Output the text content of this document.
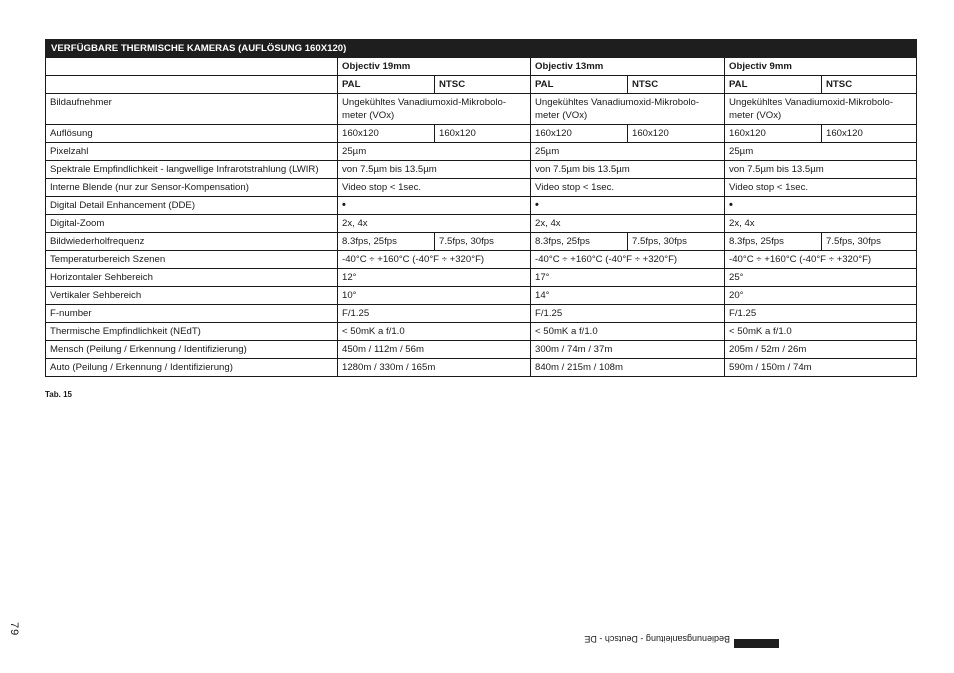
VERFÜGBARE THERMISCHE KAMERAS (AUFLÖSUNG 160X120)						
	Objectiv 19mm		Objectiv 13mm		Objectiv 9mm	
	PAL	NTSC	PAL	NTSC	PAL	NTSC
Bildaufnehmer	Ungekühltes Vanadiumoxid-Mikrobolo-
meter (VOx)		Ungekühltes Vanadiumoxid-Mikrobolo-
meter (VOx)		Ungekühltes Vanadiumoxid-Mikrobolo-
meter (VOx)	
Auflösung	160x120	160x120	160x120	160x120	160x120	160x120
Pixelzahl	25µm		25µm		25µm	
Spektrale Empfindlichkeit - langwellige Infrarotstrahlung (LWIR)	von 7.5µm bis 13.5µm		von 7.5µm bis 13.5µm		von 7.5µm bis 13.5µm	
Interne Blende (nur zur Sensor-Kompensation)	Video stop < 1sec.		Video stop < 1sec.		Video stop < 1sec.	
Digital Detail Enhancement (DDE)	•		•		•	
Digital-Zoom	2x, 4x		2x, 4x		2x, 4x	
Bildwiederholfrequenz	8.3fps, 25fps	7.5fps, 30fps	8.3fps, 25fps	7.5fps, 30fps	8.3fps, 25fps	7.5fps, 30fps
Temperaturbereich Szenen	-40°C ÷ +160°C (-40°F ÷ +320°F)		-40°C ÷ +160°C (-40°F ÷ +320°F)		-40°C ÷ +160°C (-40°F ÷ +320°F)	
Horizontaler Sehbereich	12°		17°		25°	
Vertikaler Sehbereich	10°		14°		20°	
F-number	F/1.25		F/1.25		F/1.25	
Thermische Empfindlichkeit (NEdT)	< 50mK a f/1.0		< 50mK a f/1.0		< 50mK a f/1.0	
Mensch (Peilung / Erkennung / Identifizierung)	450m / 112m / 56m		300m / 74m / 37m		205m / 52m / 26m	
Auto (Peilung / Erkennung / Identifizierung)	1280m / 330m / 165m		840m / 215m / 108m		590m / 150m / 74m	
Tab. 15
79
Bedienungsanleitung - Deutsch - DE
